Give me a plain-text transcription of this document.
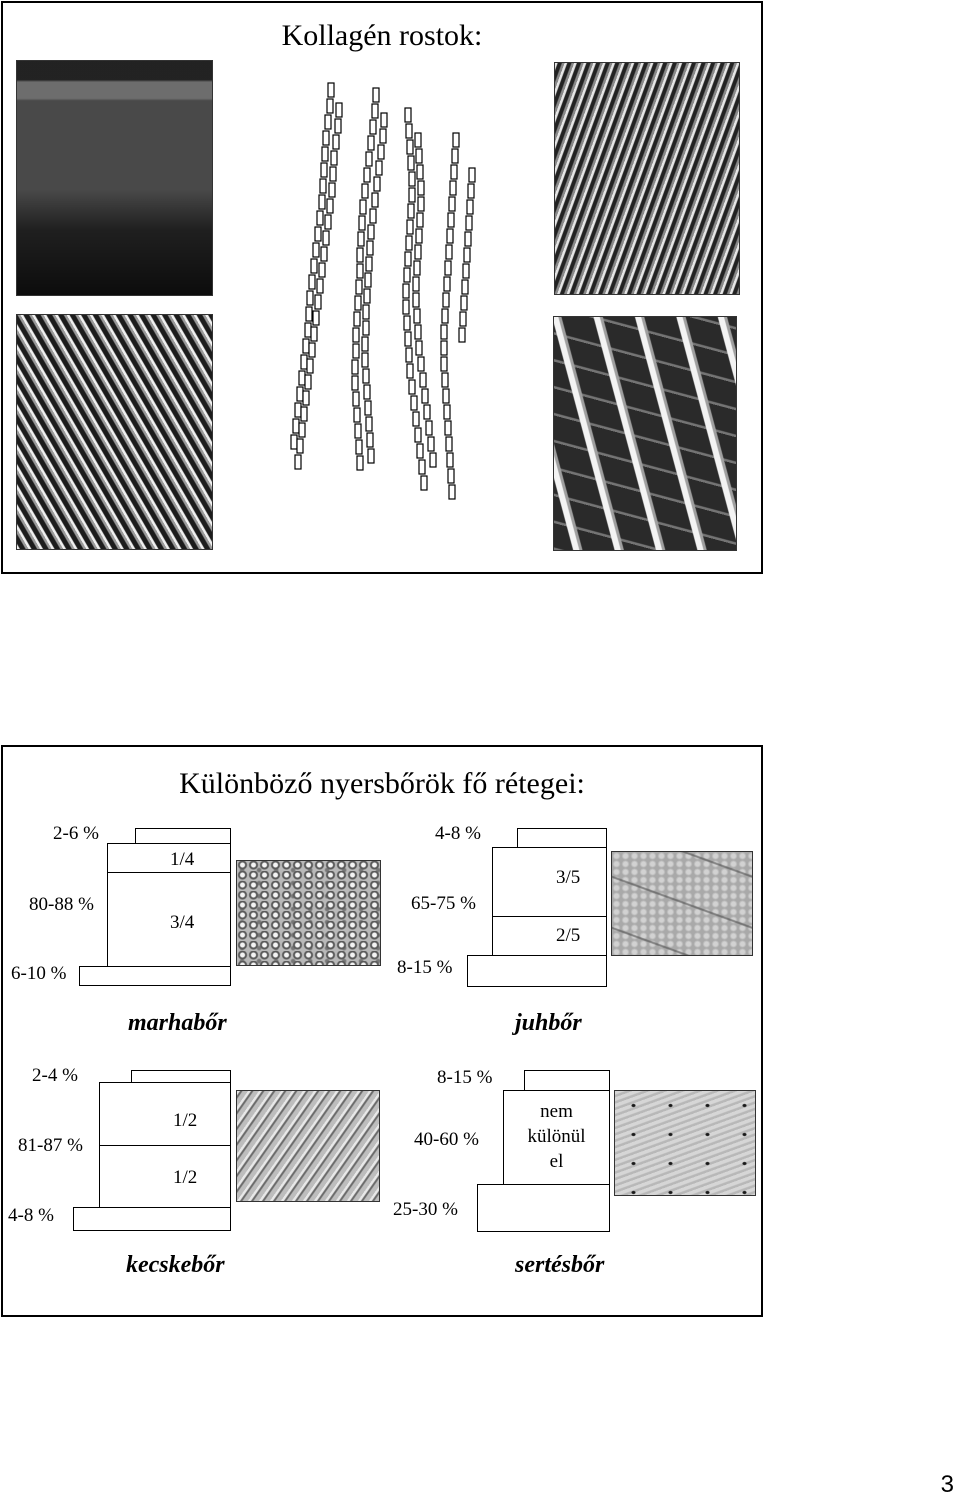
Kollagén rostok:
Különböző nyersbőrök fő rétegei:
2-6 %
80-88 %
6-10 %
1/4
3/4
marhabőr
4-8 %
65-75 %
8-15 %
3/5
2/5
juhbőr
2-4 %
81-87 %
4-8 %
1/2
1/2
kecskebőr
8-15 %
40-60 %
25-30 %
nem
különül
el
sertésbőr
3
